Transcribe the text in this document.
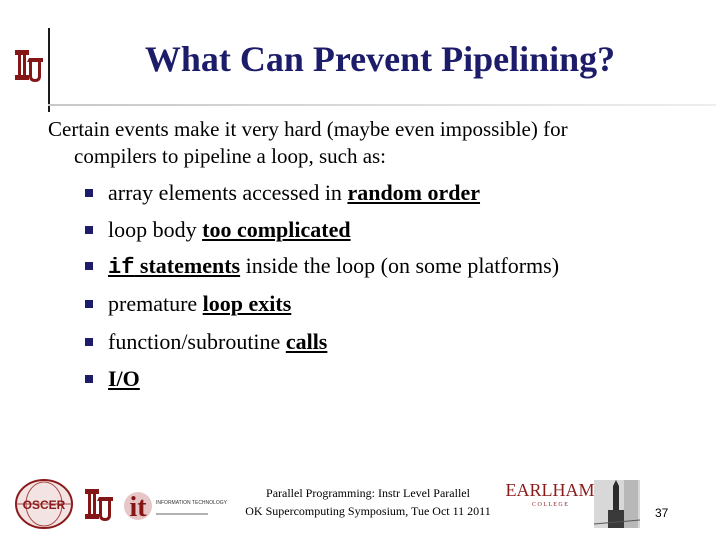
What Can Prevent Pipelining?
Certain events make it very hard (maybe even impossible) for
compilers to pipeline a loop, such as:
array elements accessed in random order
loop body too complicated
if statements inside the loop (on some platforms)
premature loop exits
function/subroutine calls
I/O
OSCER it INFORMATION TECHNOLOGY
Parallel Programming: Instr Level Parallel
OK Supercomputing Symposium, Tue Oct 11 2011
EARLHAM
C O L L E G E
37
